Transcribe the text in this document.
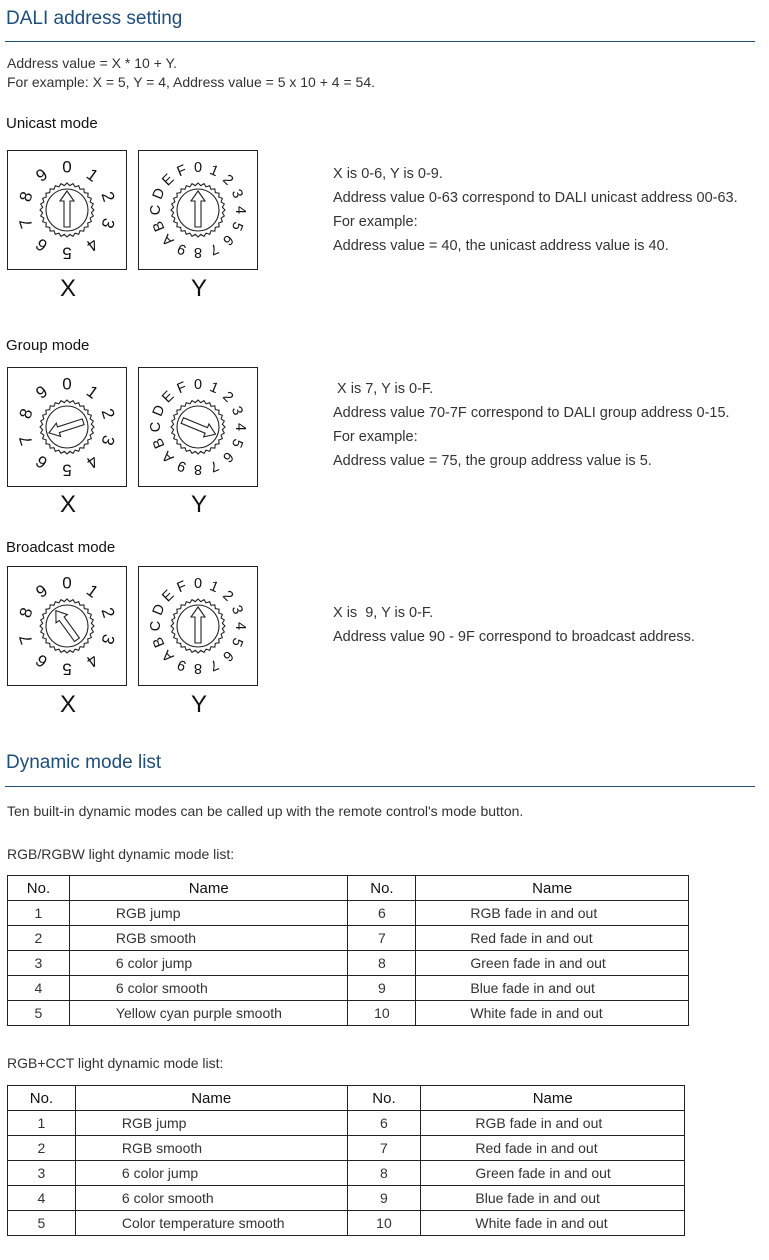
DALI address setting
Address value = X * 10 + Y.
For example: X = 5, Y = 4, Address value = 5 x 10 + 4 = 54.
Unicast mode
0 1
2
3
4
5
6
7
8
9	0 1
2
3
4
5
6
7
8
9
A
B
C
D
E
F
X	Y
X is 0-6, Y is 0-9.
Address value 0-63 correspond to DALI unicast address 00-63.
For example:
Address value = 40, the unicast address value is 40.
Group mode
0 1
2
3
4
5
6
7
8
9	0 1
2
3
4
5
6
7
8
9
A
B
C
D
E
F
X	Y
X is 7, Y is 0-F.
Address value 70-7F correspond to DALI group address 0-15.
For example:
Address value = 75, the group address value is 5.
Broadcast mode
0 1
2
3
4
5
6
7
8
9	0 1
2
3
4
5
6
7
8
9
A
B
C
D
E
F
X	Y
X is  9, Y is 0-F.
Address value 90 - 9F correspond to broadcast address.
Dynamic mode list
Ten built-in dynamic modes can be called up with the remote control's mode button.
RGB/RGBW light dynamic mode list:
No.	Name	No.	Name
1	RGB jump	6	RGB fade in and out
2	RGB smooth	7	Red fade in and out
3	6 color jump	8	Green fade in and out
4	6 color smooth	9	Blue fade in and out
5	Yellow cyan purple smooth	10	White fade in and out
RGB+CCT light dynamic mode list:
No.	Name	No.	Name
1	RGB jump	6	RGB fade in and out
2	RGB smooth	7	Red fade in and out
3	6 color jump	8	Green fade in and out
4	6 color smooth	9	Blue fade in and out
5	Color temperature smooth	10	White fade in and out
